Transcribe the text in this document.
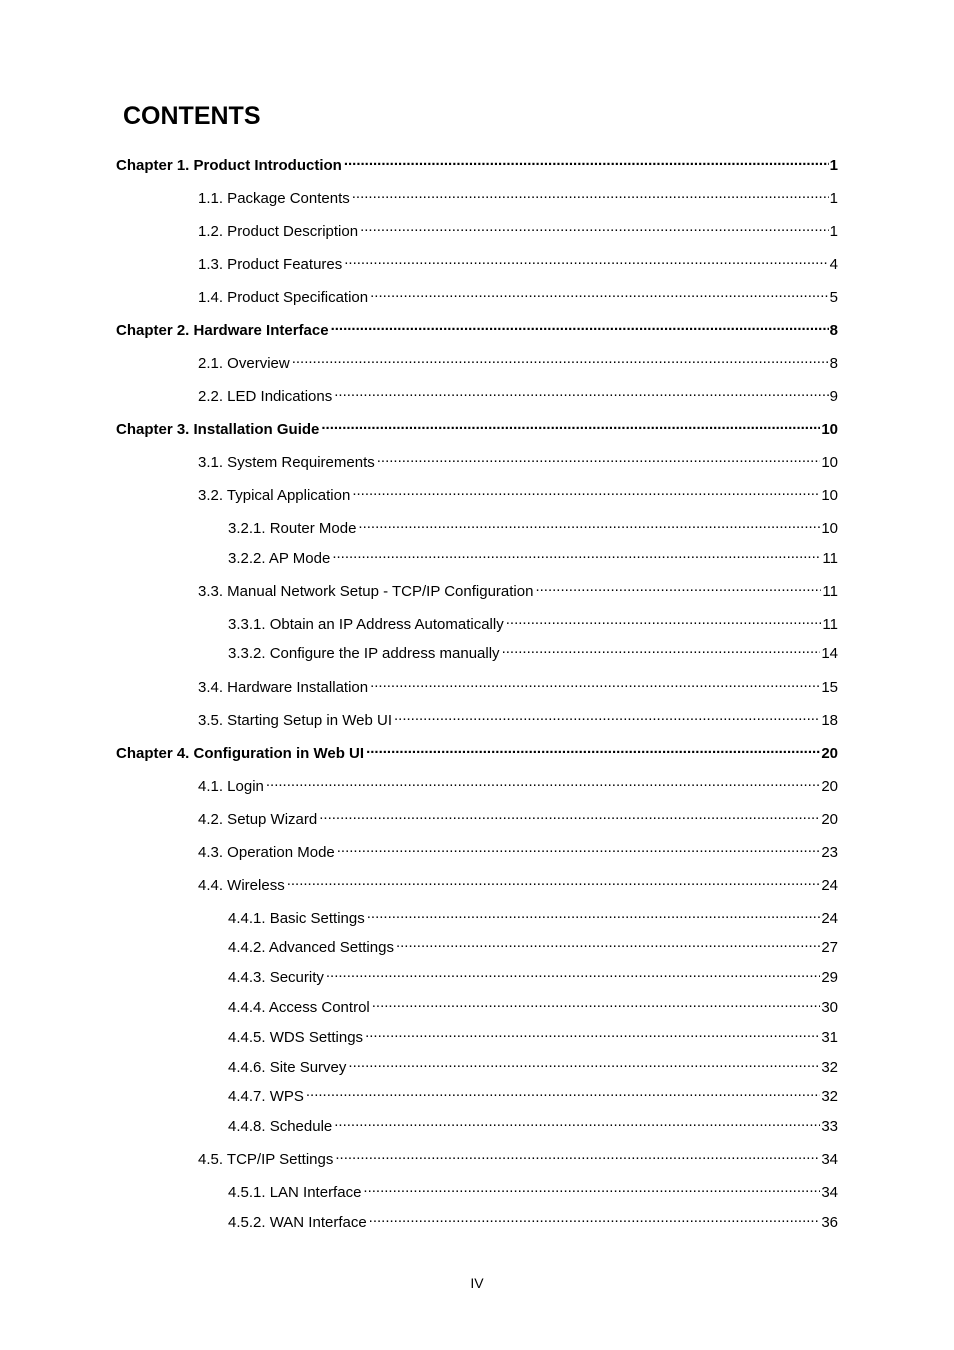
CONTENTS
Chapter 1. Product Introduction .....	1
1.1. Package Contents .....	1
1.2. Product Description .....	1
1.3. Product Features .....	4
1.4. Product Specification .....	5
Chapter 2. Hardware Interface .....	8
2.1. Overview .....	8
2.2. LED Indications .....	9
Chapter 3. Installation Guide .....	10
3.1. System Requirements .....	10
3.2. Typical Application .....	10
3.2.1. Router Mode .....	10
3.2.2. AP Mode .....	11
3.3. Manual Network Setup - TCP/IP Configuration .....	11
3.3.1. Obtain an IP Address Automatically .....	11
3.3.2. Configure the IP address manually .....	14
3.4. Hardware Installation .....	15
3.5. Starting Setup in Web UI .....	18
Chapter 4. Configuration in Web UI .....	20
4.1. Login .....	20
4.2. Setup Wizard .....	20
4.3. Operation Mode .....	23
4.4. Wireless .....	24
4.4.1. Basic Settings .....	24
4.4.2. Advanced Settings .....	27
4.4.3. Security .....	29
4.4.4. Access Control .....	30
4.4.5. WDS Settings .....	31
4.4.6. Site Survey .....	32
4.4.7. WPS .....	32
4.4.8. Schedule .....	33
4.5. TCP/IP Settings .....	34
4.5.1. LAN Interface .....	34
4.5.2. WAN Interface .....	36
IV
